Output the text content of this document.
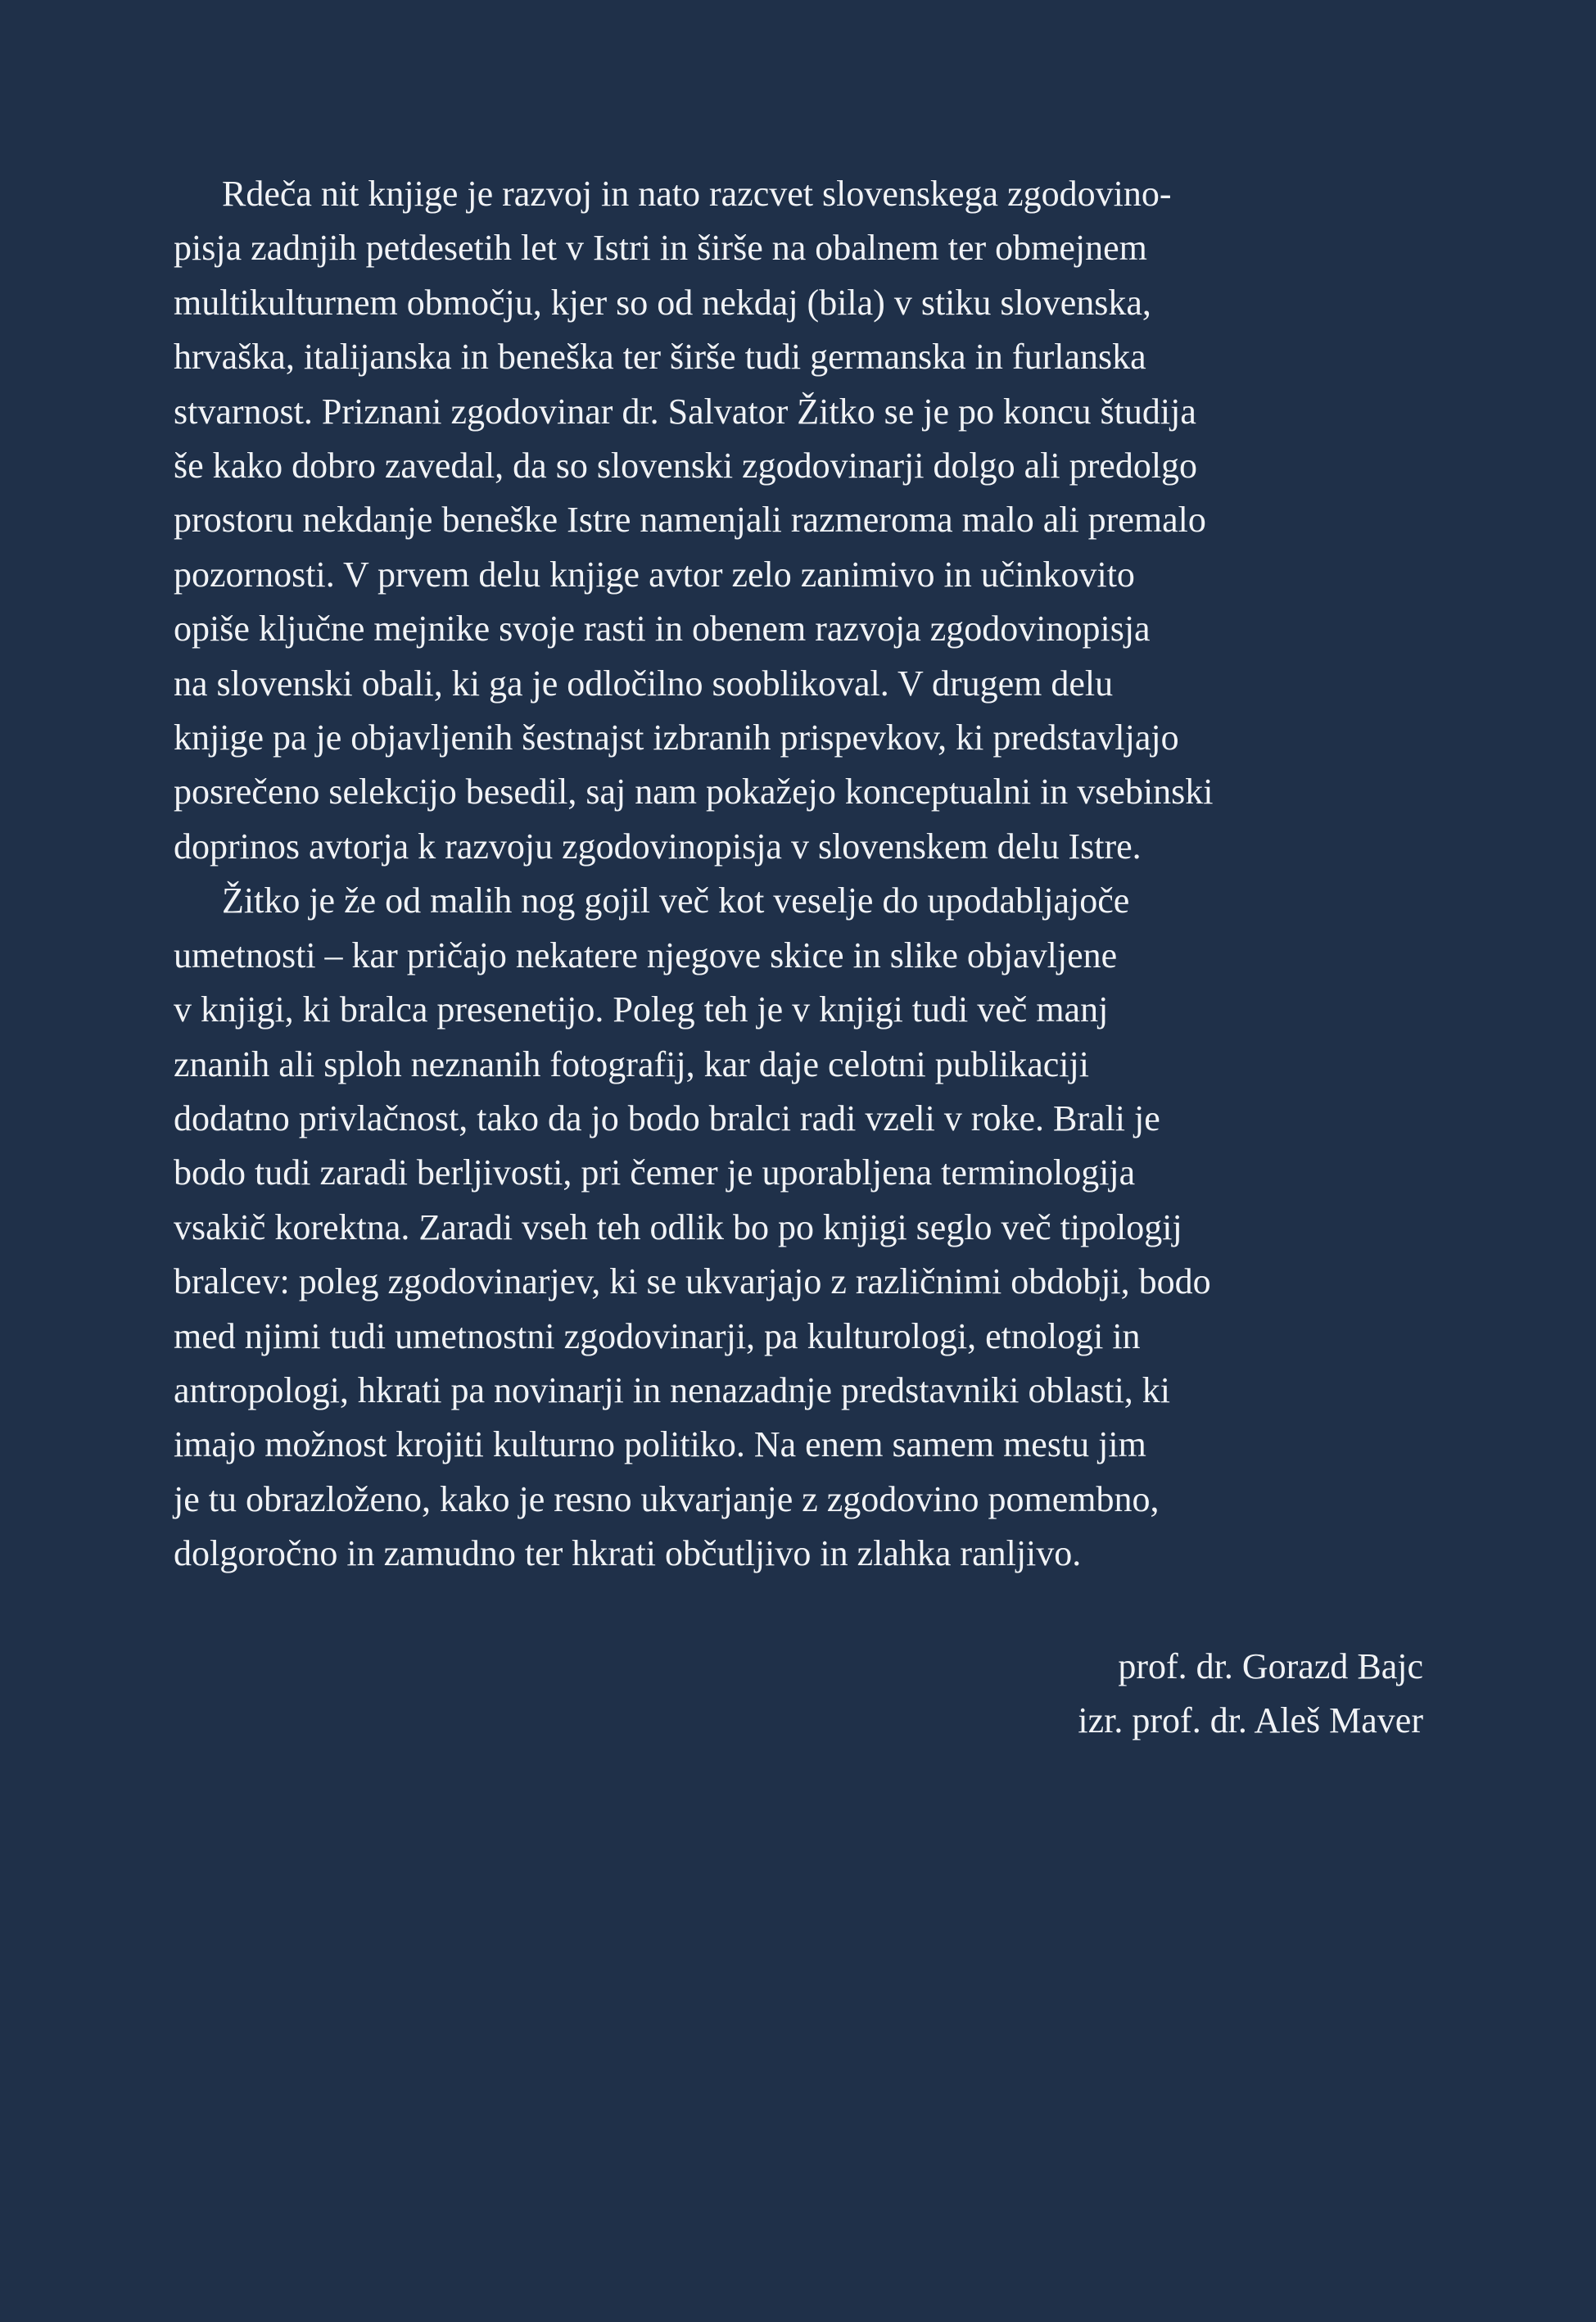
Rdeča nit knjige je razvoj in nato razcvet slovenskega zgodovino-
pisja zadnjih petdesetih let v Istri in širše na obalnem ter obmejnem
multikulturnem območju, kjer so od nekdaj (bila) v stiku slovenska,
hrvaška, italijanska in beneška ter širše tudi germanska in furlanska
stvarnost. Priznani zgodovinar dr. Salvator Žitko se je po koncu študija
še kako dobro zavedal, da so slovenski zgodovinarji dolgo ali predolgo
prostoru nekdanje beneške Istre namenjali razmeroma malo ali premalo
pozornosti. V prvem delu knjige avtor zelo zanimivo in učinkovito
opiše ključne mejnike svoje rasti in obenem razvoja zgodovinopisja
na slovenski obali, ki ga je odločilno sooblikoval. V drugem delu
knjige pa je objavljenih šestnajst izbranih prispevkov, ki predstavljajo
posrečeno selekcijo besedil, saj nam pokažejo konceptualni in vsebinski
doprinos avtorja k razvoju zgodovinopisja v slovenskem delu Istre.
Žitko je že od malih nog gojil več kot veselje do upodabljajoče
umetnosti – kar pričajo nekatere njegove skice in slike objavljene
v knjigi, ki bralca presenetijo. Poleg teh je v knjigi tudi več manj
znanih ali sploh neznanih fotografij, kar daje celotni publikaciji
dodatno privlačnost, tako da jo bodo bralci radi vzeli v roke. Brali je
bodo tudi zaradi berljivosti, pri čemer je uporabljena terminologija
vsakič korektna. Zaradi vseh teh odlik bo po knjigi seglo več tipologij
bralcev: poleg zgodovinarjev, ki se ukvarjajo z različnimi obdobji, bodo
med njimi tudi umetnostni zgodovinarji, pa kulturologi, etnologi in
antropologi, hkrati pa novinarji in nenazadnje predstavniki oblasti, ki
imajo možnost krojiti kulturno politiko. Na enem samem mestu jim
je tu obrazloženo, kako je resno ukvarjanje z zgodovino pomembno,
dolgoročno in zamudno ter hkrati občutljivo in zlahka ranljivo.
prof. dr. Gorazd Bajc
izr. prof. dr. Aleš Maver
